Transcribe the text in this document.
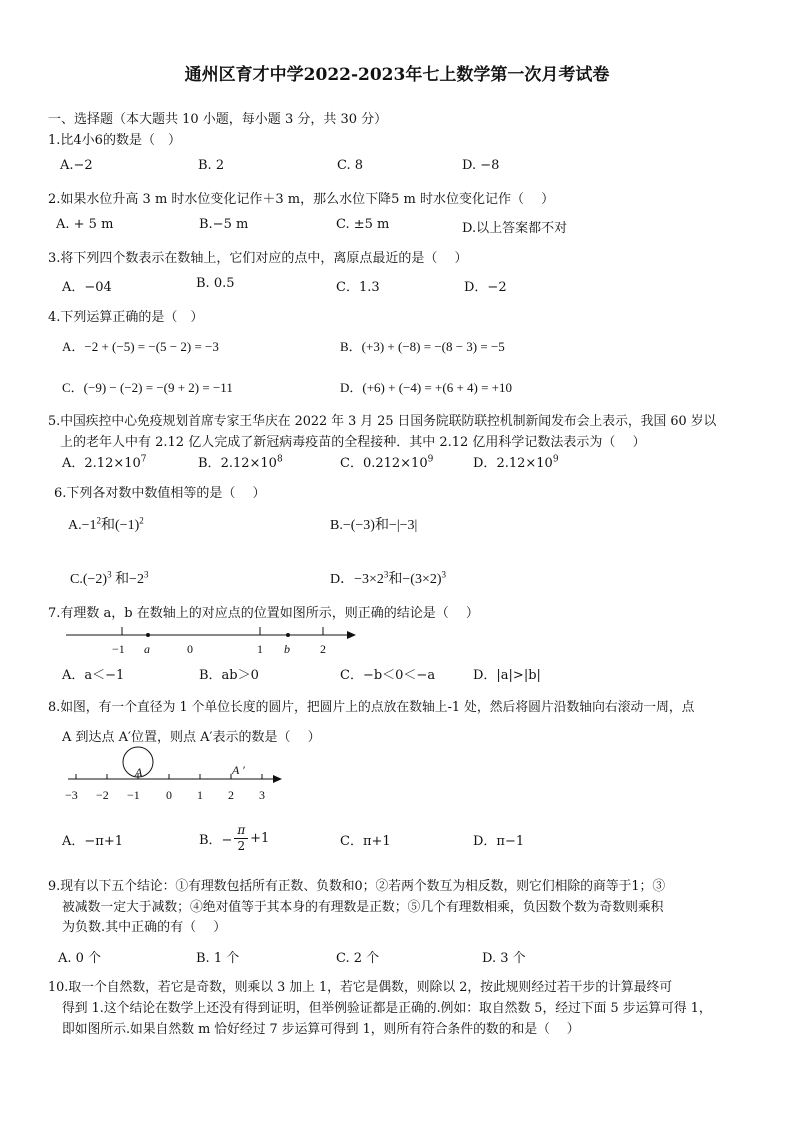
通州区育才中学2022-2023年七上数学第一次月考试卷
一、选择题（本大题共 10 小题，每小题 3 分，共 30 分）
1.比4小6的数是（　）
A.−2	B. 2	C. 8	D. −8
2.如果水位升高 3 m 时水位变化记作＋3 m，那么水位下降5 m 时水位变化记作（　 ）
A. + 5 m	B.−5 m	C. ±5 m	D.以上答案都不对
3.将下列四个数表示在数轴上，它们对应的点中，离原点最近的是（　 ）
A．−04	B. 0.5	C．1.3	D．−2
4.下列运算正确的是（　）
A．−2 + (−5) = −(5 − 2) = −3	B．(+3) + (−8) = −(8 − 3) = −5
C．(−9) − (−2) = −(9 + 2) = −11	D．(+6) + (−4) = +(6 + 4) = +10
5.中国疾控中心免疫规划首席专家王华庆在 2022 年 3 月 25 日国务院联防联控机制新闻发布会上表示，我国 60 岁以
上的老年人中有 2.12 亿人完成了新冠病毒疫苗的全程接种．其中 2.12 亿用科学记数法表示为（　 ）
A．$2.12\times 10^7$	B．$2.12\times 10^8$	C．$0.212\times 10^9$	D．$2.12\times 10^9$
6.下列各对数中数值相等的是（　 ）
$A.-1^2$和$(-1)^2$	B.−(−3)和−|−3|
$C.(-2)^3$ 和$-2^3$	D．$-3\times 2^3$和$-(3\times 2)^3$
7.有理数 a，b 在数轴上的对应点的位置如图所示，则正确的结论是（　 ）
−1 a	0	1 b	2
A．a＜−1	B．ab＞0	C．−b＜0＜−a	D．|a|>|b|
8.如图，有一个直径为 1 个单位长度的圆片，把圆片上的点放在数轴上-1 处，然后将圆片沿数轴向右滚动一周，点
A 到达点 A′位置，则点 A′表示的数是（　 ）
A	A ′
−3 −2 −1 0 1 2 3
A．−π+1	B．− $\frac{\pi}{2} +1$	C．π+1	D．π−1
9.现有以下五个结论：①有理数包括所有正数、负数和0；②若两个数互为相反数，则它们相除的商等于1；③
被减数一定大于减数；④绝对值等于其本身的有理数是正数；⑤几个有理数相乘，负因数个数为奇数则乘积
为负数.其中正确的有（　 ）
A. 0 个	B. 1 个	C. 2 个	D. 3 个
10.取一个自然数，若它是奇数，则乘以 3 加上 1，若它是偶数，则除以 2，按此规则经过若干步的计算最终可
得到 1.这个结论在数学上还没有得到证明，但举例验证都是正确的.例如：取自然数 5，经过下面 5 步运算可得 1，
即如图所示.如果自然数 m 恰好经过 7 步运算可得到 1，则所有符合条件的数的和是（　 ）
